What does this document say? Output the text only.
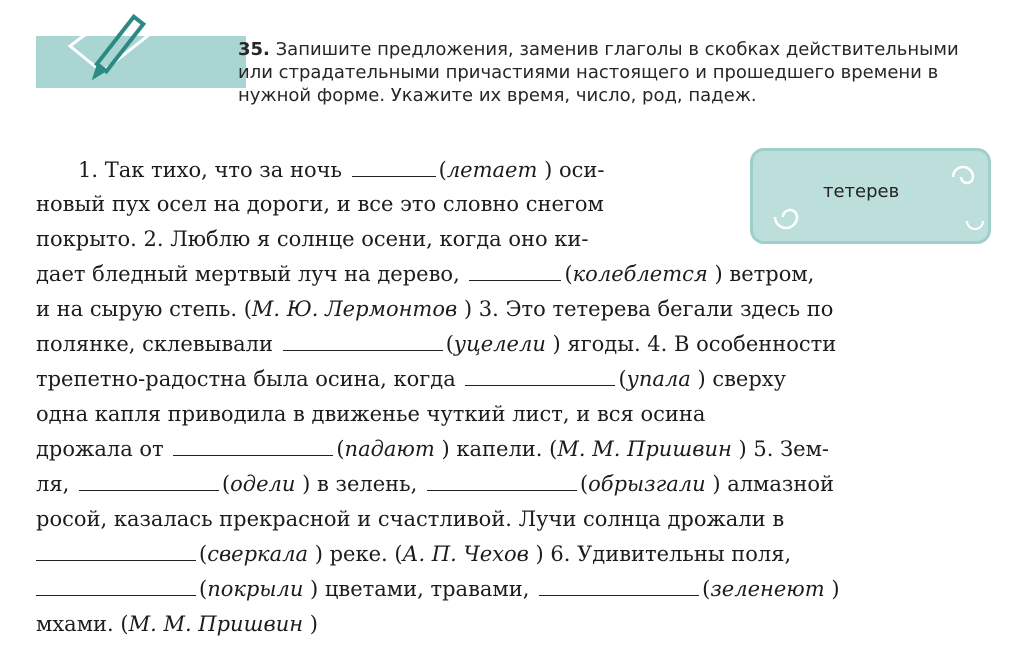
35. Запишите предложения, заменив глаголы в скобках действительными или страдательными причастиями настоящего и прошедшего времени в нужной форме. Укажите их время, число, род, падеж.
тетерев
1. Так тихо, что за ночь	(летает ) оси-
новый пух осел на дороги, и все это словно снегом
покрыто. 2. Люблю я солнце осени, когда оно ки-
дает бледный мертвый луч на дерево,	(колеблется ) ветром,
и на сырую степь. (М. Ю. Лермонтов ) 3. Это тетерева бегали здесь по
полянке, склевывали	(уцелели ) ягоды. 4. В особенности
трепетно-радостна была осина, когда	(упала ) сверху
одна капля приводила в движенье чуткий лист, и вся осина
дрожала от	(падают ) капели. (М. М. Пришвин ) 5. Зем-
ля,	(одели ) в зелень,	(обрызгали ) алмазной
росой, казалась прекрасной и счастливой. Лучи солнца дрожали в
(сверкала ) реке. (А. П. Чехов ) 6. Удивительны поля,
(покрыли ) цветами, травами,	(зеленеют )
мхами. (М. М. Пришвин )
